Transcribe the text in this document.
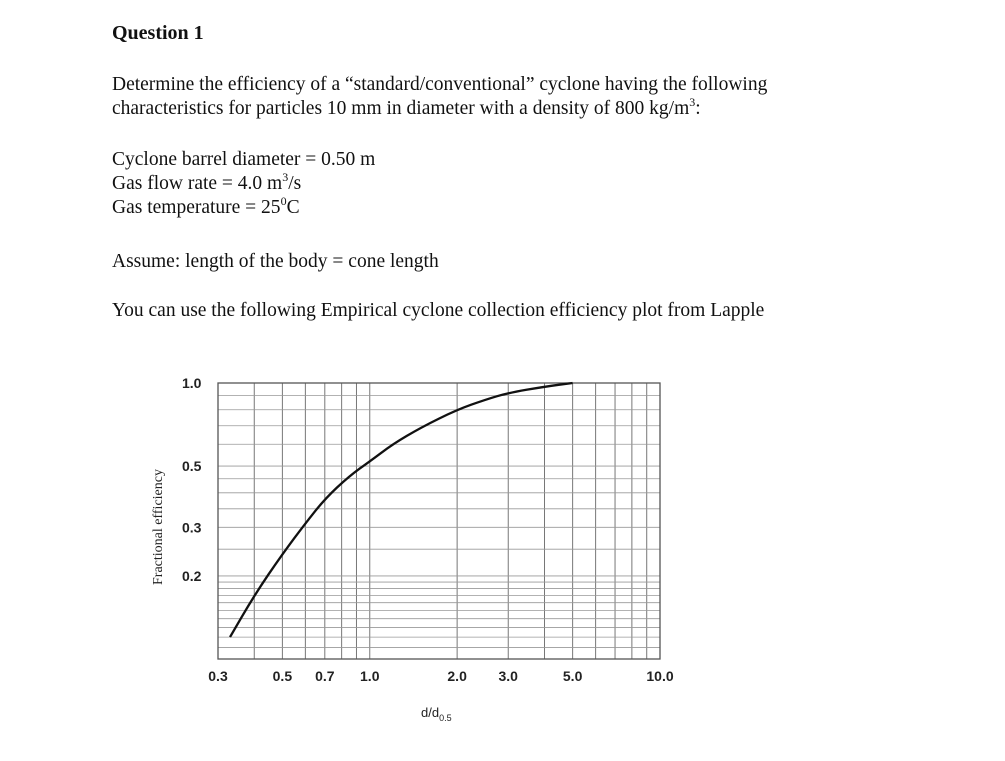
Question 1
Determine the efficiency of a “standard/conventional” cyclone having the following
characteristics for particles 10 mm in diameter with a density of 800 $kg/m^3$:
Cyclone barrel diameter = 0.50 m
Gas flow rate = 4.0 $m^3/s$
Gas temperature = $25^0C$
Assume: length of the body = cone length
You can use the following Empirical cyclone collection efficiency plot from Lapple
1.0
0.5
0.3
0.2
0.3	0.5 0.7 1.0	2.0 3.0	5.0	10.0
Fractional efficiency
$d/d_{0.5}$
